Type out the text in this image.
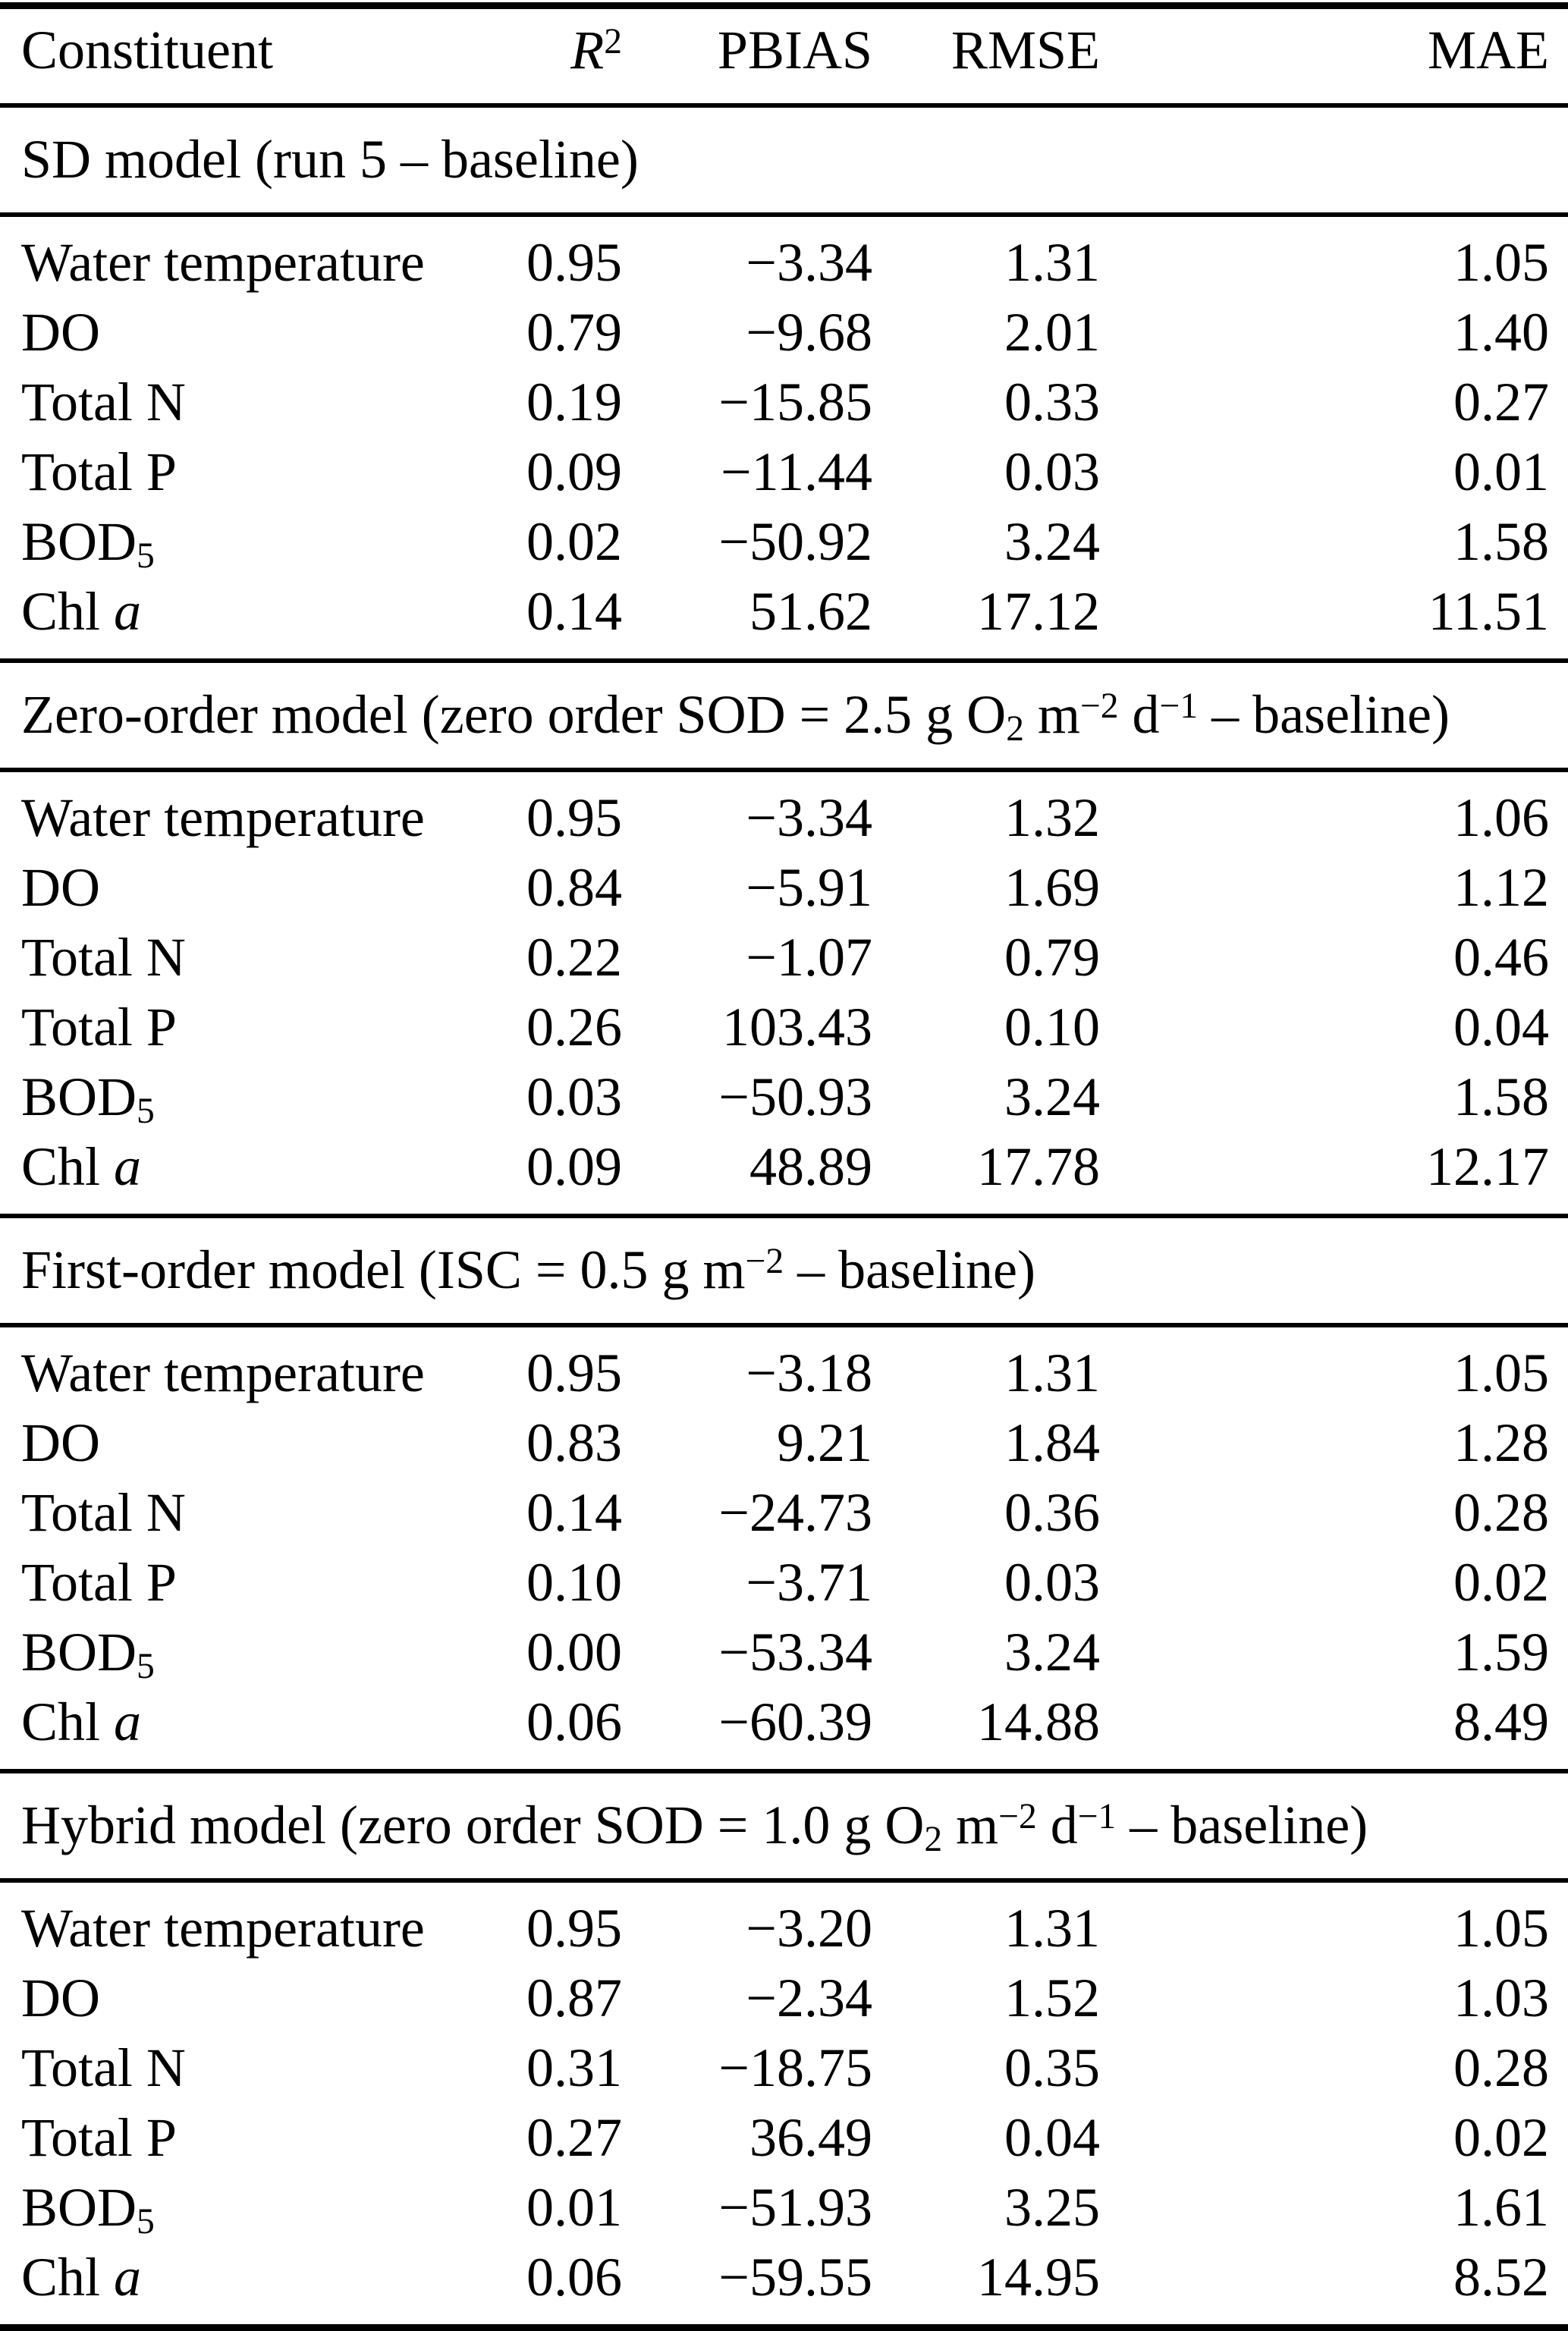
Constituent	$R^2$	PBIAS	RMSE	MAE
SD model (run 5 – baseline)				
Water temperature	0.95	−3.34	1.31	1.05
DO	0.79	−9.68	2.01	1.40
Total N	0.19	−15.85	0.33	0.27
Total P	0.09	−11.44	0.03	0.01
$BOD_5$	0.02	−50.92	3.24	1.58
Chl a	0.14	51.62	17.12	11.51
Zero-order model (zero order SOD = 2.5 g $O_2$ $m^{-2}$ $d^{-1}$ – baseline)				
Water temperature	0.95	−3.34	1.32	1.06
DO	0.84	−5.91	1.69	1.12
Total N	0.22	−1.07	0.79	0.46
Total P	0.26	103.43	0.10	0.04
$BOD_5$	0.03	−50.93	3.24	1.58
Chl a	0.09	48.89	17.78	12.17
First-order model (ISC = 0.5 g $m^{-2}$ – baseline)				
Water temperature	0.95	−3.18	1.31	1.05
DO	0.83	9.21	1.84	1.28
Total N	0.14	−24.73	0.36	0.28
Total P	0.10	−3.71	0.03	0.02
$BOD_5$	0.00	−53.34	3.24	1.59
Chl a	0.06	−60.39	14.88	8.49
Hybrid model (zero order SOD = 1.0 g $O_2$ $m^{-2}$ $d^{-1}$ – baseline)				
Water temperature	0.95	−3.20	1.31	1.05
DO	0.87	−2.34	1.52	1.03
Total N	0.31	−18.75	0.35	0.28
Total P	0.27	36.49	0.04	0.02
$BOD_5$	0.01	−51.93	3.25	1.61
Chl a	0.06	−59.55	14.95	8.52
